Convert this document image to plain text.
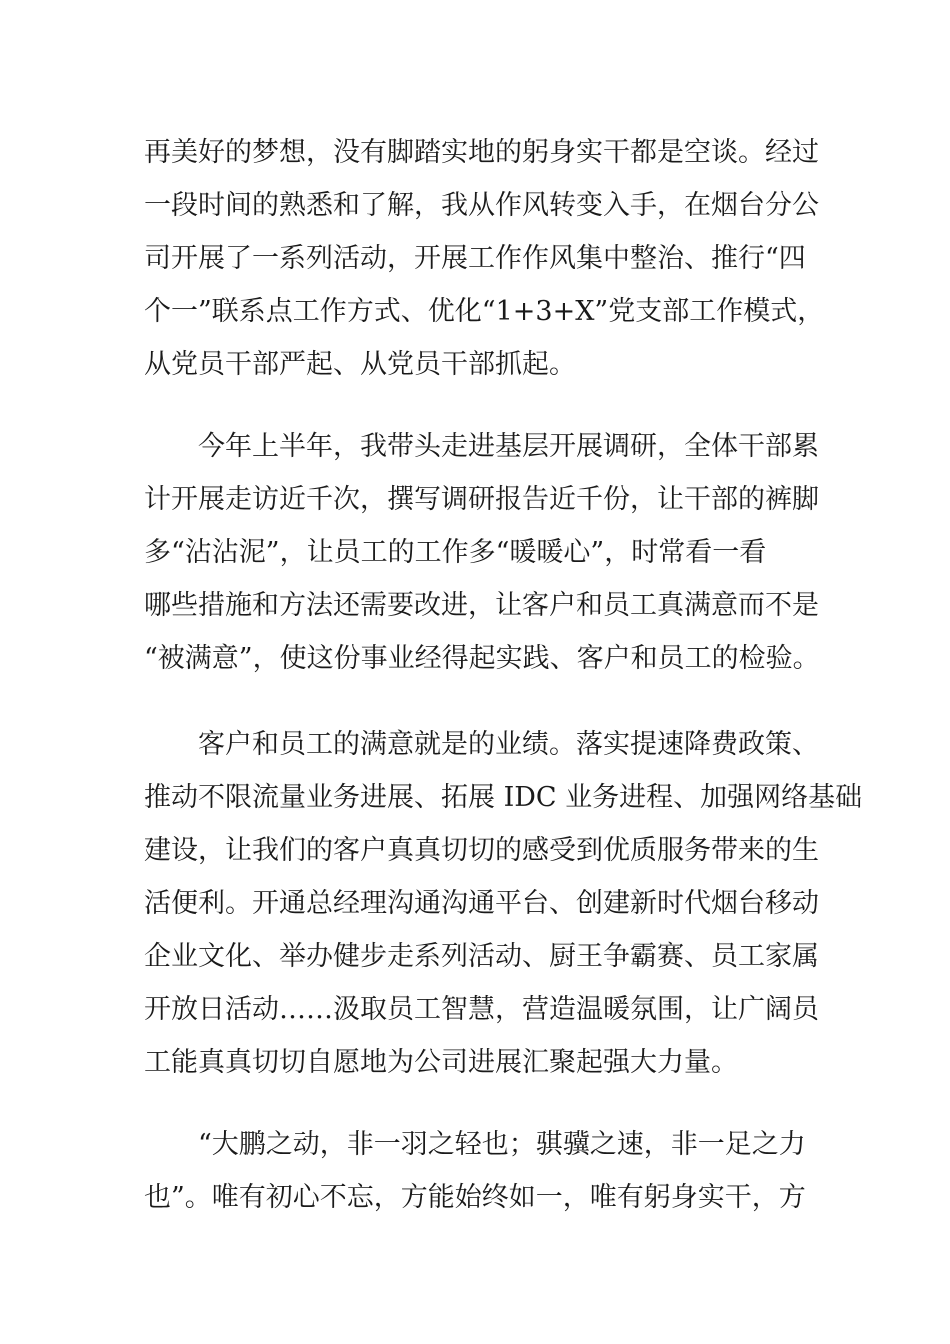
再美好的梦想，没有脚踏实地的躬身实干都是空谈。经过
一段时间的熟悉和了解，我从作风转变入手，在烟台分公
司开展了一系列活动，开展工作作风集中整治、推行“四
个一”联系点工作方式、优化“1+3+X”党支部工作模式，
从党员干部严起、从党员干部抓起。

今年上半年，我带头走进基层开展调研，全体干部累
计开展走访近千次，撰写调研报告近千份，让干部的裤脚
多“沾沾泥”，让员工的工作多“暖暖心”，时常看一看
哪些措施和方法还需要改进，让客户和员工真满意而不是
“被满意”，使这份事业经得起实践、客户和员工的检验。

客户和员工的满意就是的业绩。落实提速降费政策、
推动不限流量业务进展、拓展 IDC 业务进程、加强网络基础
建设，让我们的客户真真切切的感受到优质服务带来的生
活便利。开通总经理沟通沟通平台、创建新时代烟台移动
企业文化、举办健步走系列活动、厨王争霸赛、员工家属
开放日活动……汲取员工智慧，营造温暖氛围，让广阔员
工能真真切切自愿地为公司进展汇聚起强大力量。

“大鹏之动，非一羽之轻也；骐骥之速，非一足之力
也”。唯有初心不忘，方能始终如一，唯有躬身实干，方
